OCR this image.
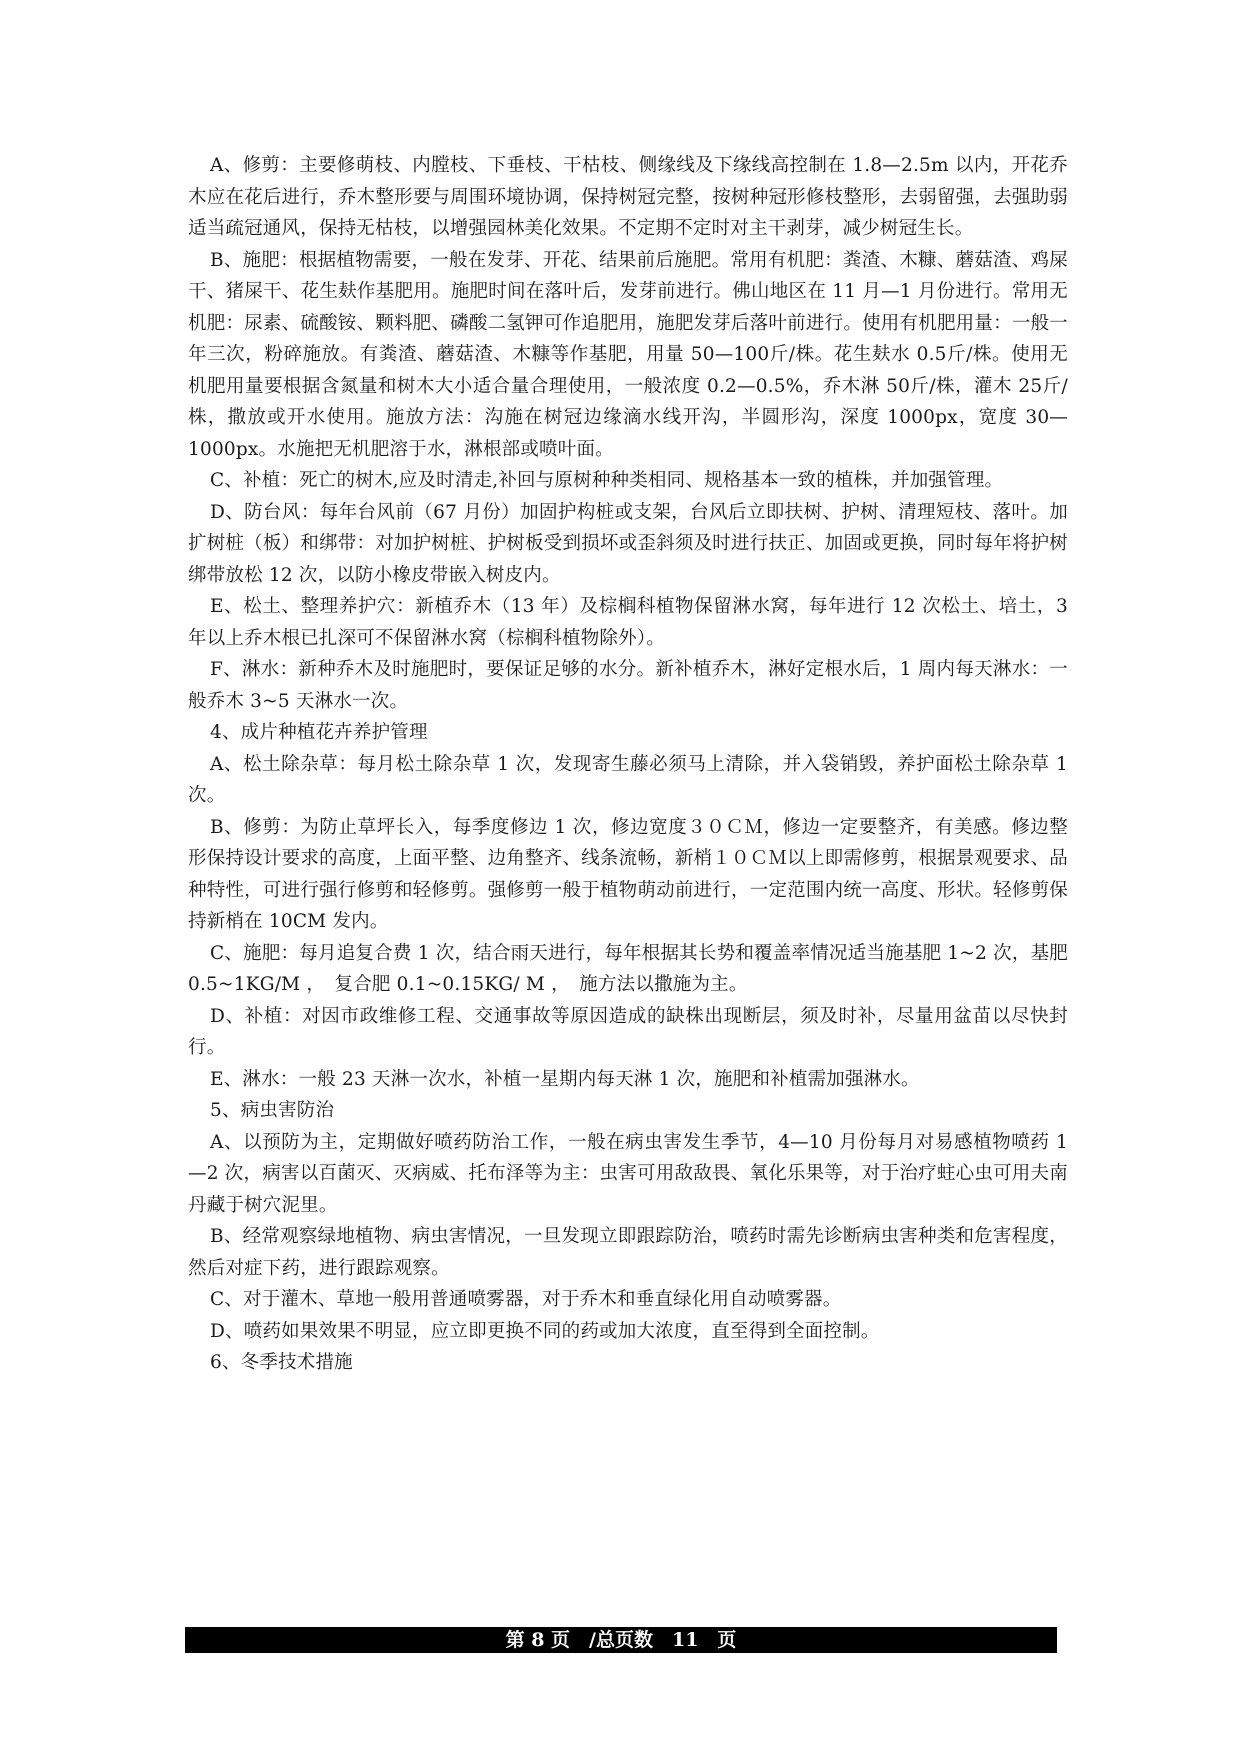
A、修剪：主要修萌枝、内膛枝、下垂枝、干枯枝、侧缘线及下缘线高控制在 1.8—2.5m 以内，开花乔木应在花后进行，乔木整形要与周围环境协调，保持树冠完整，按树种冠形修枝整形，去弱留强，去强助弱适当疏冠通风，保持无枯枝，以增强园林美化效果。不定期不定时对主干剥芽，减少树冠生长。

B、施肥：根据植物需要，一般在发芽、开花、结果前后施肥。常用有机肥：粪渣、木糠、蘑菇渣、鸡屎干、猪屎干、花生麸作基肥用。施肥时间在落叶后，发芽前进行。佛山地区在 11 月—1 月份进行。常用无机肥：尿素、硫酸铵、颗料肥、磷酸二氢钾可作追肥用，施肥发芽后落叶前进行。使用有机肥用量：一般一年三次，粉碎施放。有粪渣、蘑菇渣、木糠等作基肥，用量 50—100斤/株。花生麸水 0.5斤/株。使用无机肥用量要根据含氮量和树木大小适合量合理使用，一般浓度 0.2—0.5%，乔木淋 50斤/株，灌木 25斤/株，撒放或开水使用。施放方法：沟施在树冠边缘滴水线开沟，半圆形沟，深度 1000px，宽度 30—1000px。水施把无机肥溶于水，淋根部或喷叶面。

C、补植：死亡的树木,应及时清走,补回与原树种种类相同、规格基本一致的植株，并加强管理。

D、防台风：每年台风前（67 月份）加固护构桩或支架，台风后立即扶树、护树、清理短枝、落叶。加扩树桩（板）和绑带：对加护树桩、护树板受到损坏或歪斜须及时进行扶正、加固或更换，同时每年将护树绑带放松 12 次，以防小橡皮带嵌入树皮内。

E、松土、整理养护穴：新植乔木（13 年）及棕榈科植物保留淋水窝，每年进行 12 次松土、培土，3 年以上乔木根已扎深可不保留淋水窝（棕榈科植物除外）。

F、淋水：新种乔木及时施肥时，要保证足够的水分。新补植乔木，淋好定根水后，1 周内每天淋水：一般乔木 3~5 天淋水一次。

4、成片种植花卉养护管理

A、松土除杂草：每月松土除杂草 1 次，发现寄生藤必须马上清除，并入袋销毁，养护面松土除杂草 1 次。

B、修剪：为防止草坪长入，每季度修边 1 次，修边宽度３０ＣＭ，修边一定要整齐，有美感。修边整形保持设计要求的高度，上面平整、边角整齐、线条流畅，新梢１０ＣＭ以上即需修剪，根据景观要求、品种特性，可进行强行修剪和轻修剪。强修剪一般于植物萌动前进行，一定范围内统一高度、形状。轻修剪保持新梢在 10CM 发内。

C、施肥：每月追复合费 1 次，结合雨天进行，每年根据其长势和覆盖率情况适当施基肥 1~2 次，基肥 0.5~1KG/M ，　复合肥 0.1~0.15KG/ M ，　施方法以撒施为主。

D、补植：对因市政维修工程、交通事故等原因造成的缺株出现断层，须及时补，尽量用盆苗以尽快封行。

E、淋水：一般 23 天淋一次水，补植一星期内每天淋 1 次，施肥和补植需加强淋水。

5、病虫害防治

A、以预防为主，定期做好喷药防治工作，一般在病虫害发生季节，4—10 月份每月对易感植物喷药 1—2 次，病害以百菌灭、灭病威、托布泽等为主：虫害可用敌敌畏、氧化乐果等，对于治疗蛀心虫可用夫南丹藏于树穴泥里。

B、经常观察绿地植物、病虫害情况，一旦发现立即跟踪防治，喷药时需先诊断病虫害种类和危害程度，然后对症下药，进行跟踪观察。

C、对于灌木、草地一般用普通喷雾器，对于乔木和垂直绿化用自动喷雾器。

D、喷药如果效果不明显，应立即更换不同的药或加大浓度，直至得到全面控制。

6、冬季技术措施

第 8 页　/总页数　11　页
